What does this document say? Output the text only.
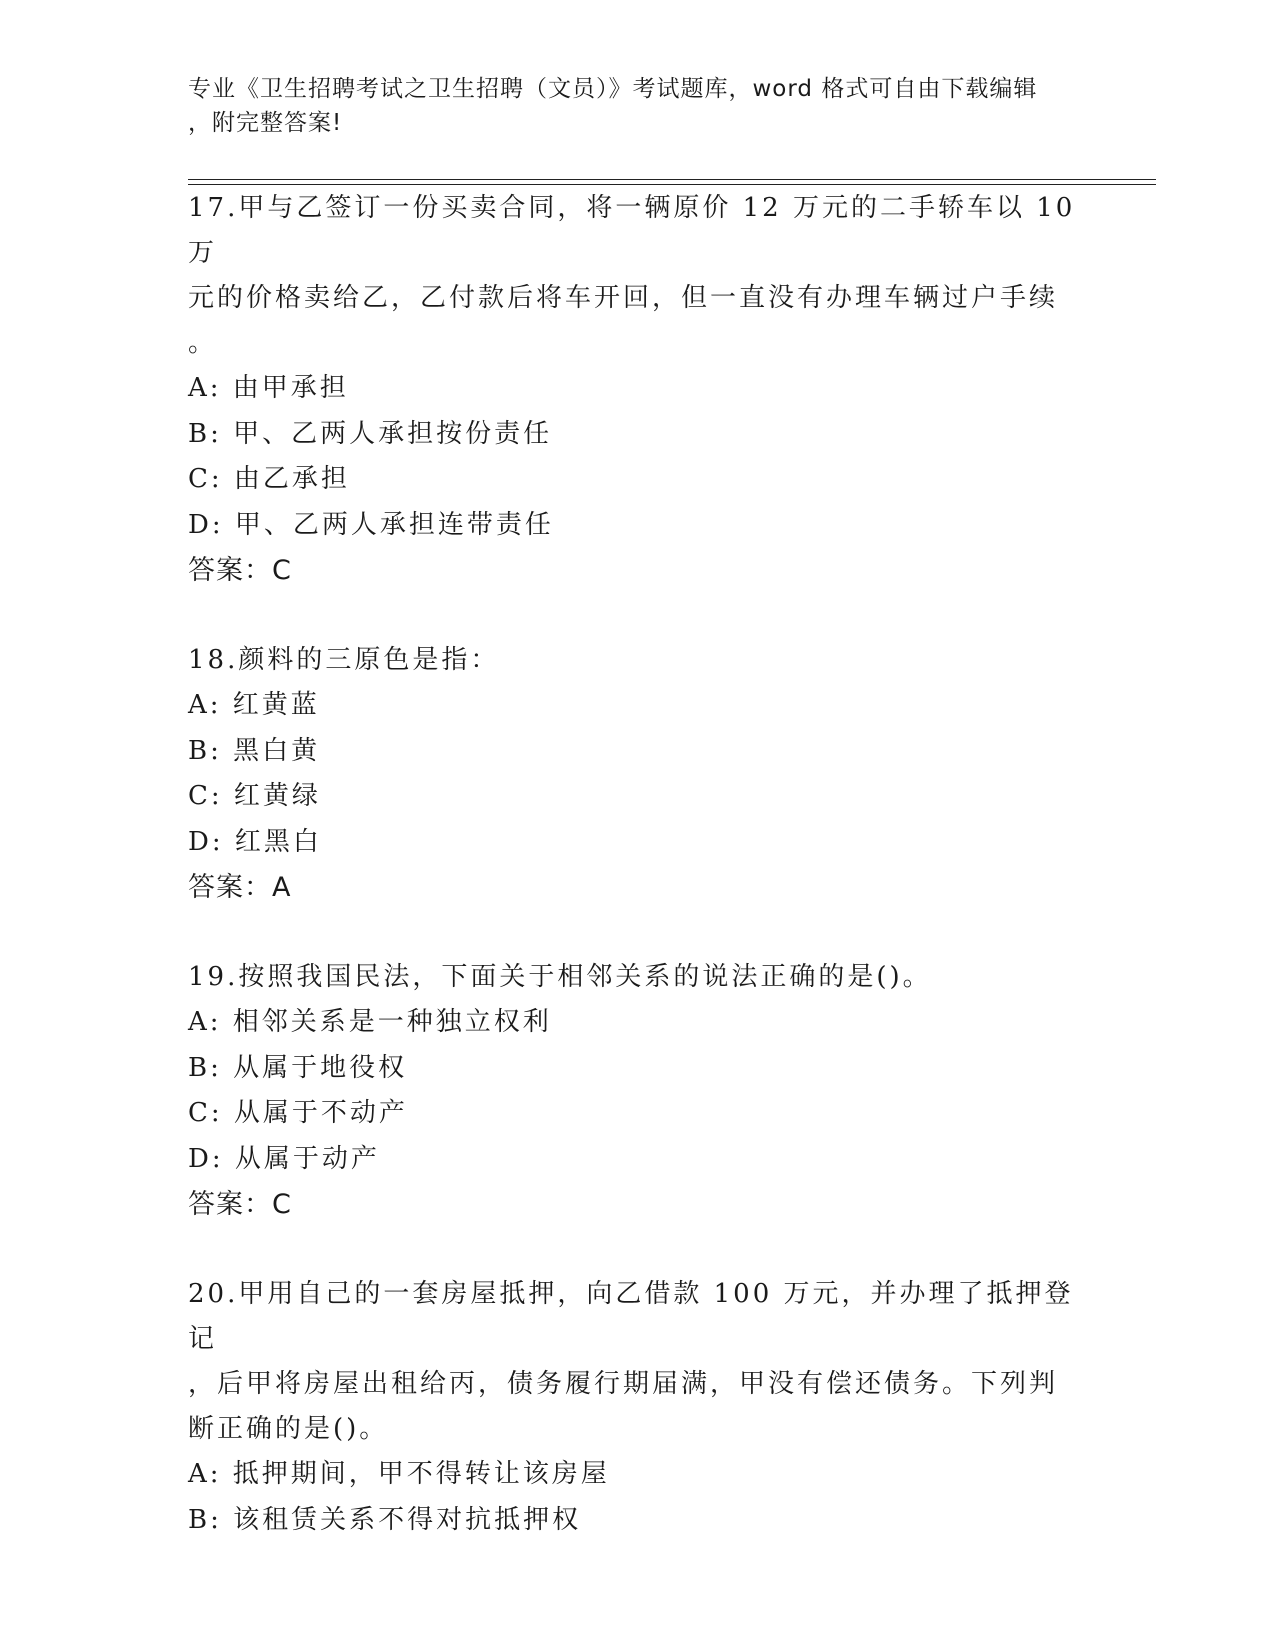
专业《卫生招聘考试之卫生招聘（文员）》考试题库，word 格式可自由下载编辑
，附完整答案!

17.甲与乙签订一份买卖合同，将一辆原价 12 万元的二手轿车以 10 万

元的价格卖给乙，乙付款后将车开回，但一直没有办理车辆过户手续

。

A: 由甲承担

B: 甲、乙两人承担按份责任

C: 由乙承担

D: 甲、乙两人承担连带责任

答案：C

18.颜料的三原色是指：

A: 红黄蓝

B: 黑白黄

C: 红黄绿

D: 红黑白

答案：A

19.按照我国民法，下面关于相邻关系的说法正确的是()。

A: 相邻关系是一种独立权利

B: 从属于地役权

C: 从属于不动产

D: 从属于动产

答案：C

20.甲用自己的一套房屋抵押，向乙借款 100 万元，并办理了抵押登记

，后甲将房屋出租给丙，债务履行期届满，甲没有偿还债务。下列判

断正确的是()。

A: 抵押期间，甲不得转让该房屋

B: 该租赁关系不得对抗抵押权
